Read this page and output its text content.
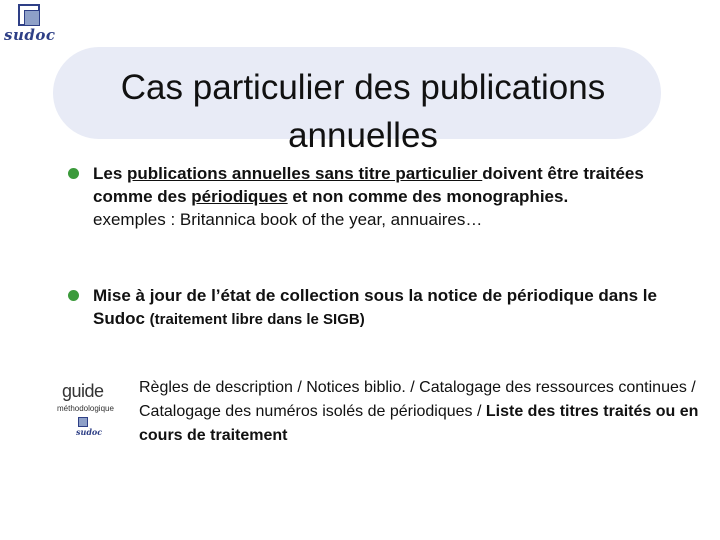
sudoc
Cas particulier des publications
annuelles
Les publications annuelles sans titre particulier doivent être traitées comme des périodiques et non comme des monographies.
exemples : Britannica book of the year, annuaires…
Mise à jour de l’état de collection sous la notice de périodique dans le Sudoc (traitement libre dans le SIGB)
guide
méthodologique
sudoc
Règles de description / Notices biblio. / Catalogage des ressources continues / Catalogage des numéros isolés de périodiques / Liste des titres traités ou en cours de traitement
